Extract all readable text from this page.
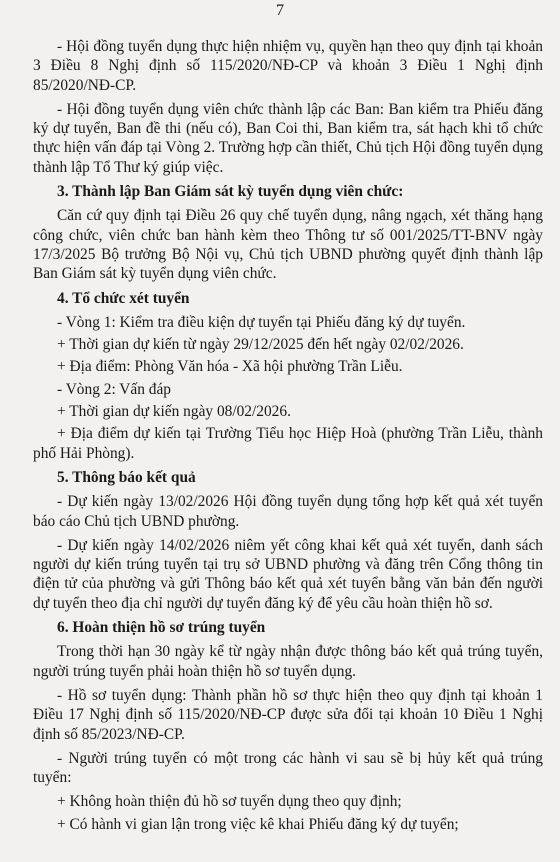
7

- Hội đồng tuyển dụng thực hiện nhiệm vụ, quyền hạn theo quy định tại khoản 3 Điều 8 Nghị định số 115/2020/NĐ-CP và khoản 3 Điều 1 Nghị định 85/2020/NĐ-CP.

- Hội đồng tuyển dụng viên chức thành lập các Ban: Ban kiểm tra Phiếu đăng ký dự tuyển, Ban đề thi (nếu có), Ban Coi thi, Ban kiểm tra, sát hạch khi tổ chức thực hiện vấn đáp tại Vòng 2. Trường hợp cần thiết, Chủ tịch Hội đồng tuyển dụng thành lập Tổ Thư ký giúp việc.

3. Thành lập Ban Giám sát kỳ tuyển dụng viên chức:

Căn cứ quy định tại Điều 26 quy chế tuyển dụng, nâng ngạch, xét thăng hạng công chức, viên chức ban hành kèm theo Thông tư số 001/2025/TT-BNV ngày 17/3/2025 Bộ trưởng Bộ Nội vụ, Chủ tịch UBND phường quyết định thành lập Ban Giám sát kỳ tuyển dụng viên chức.

4. Tổ chức xét tuyển

- Vòng 1: Kiểm tra điều kiện dự tuyển tại Phiếu đăng ký dự tuyển.

+ Thời gian dự kiến từ ngày 29/12/2025 đến hết ngày 02/02/2026.

+ Địa điểm: Phòng Văn hóa - Xã hội phường Trần Liễu.

- Vòng 2: Vấn đáp

+ Thời gian dự kiến ngày 08/02/2026.

+ Địa điểm dự kiến tại Trường Tiểu học Hiệp Hoà (phường Trần Liễu, thành phố Hải Phòng).

5. Thông báo kết quả

- Dự kiến ngày 13/02/2026 Hội đồng tuyển dụng tổng hợp kết quả xét tuyển báo cáo Chủ tịch UBND phường.

- Dự kiến ngày 14/02/2026 niêm yết công khai kết quả xét tuyển, danh sách người dự kiến trúng tuyển tại trụ sở UBND phường và đăng trên Cổng thông tin điện tử của phường và gửi Thông báo kết quả xét tuyển bằng văn bản đến người dự tuyển theo địa chỉ người dự tuyển đăng ký để yêu cầu hoàn thiện hồ sơ.

6. Hoàn thiện hồ sơ trúng tuyển

Trong thời hạn 30 ngày kể từ ngày nhận được thông báo kết quả trúng tuyển, người trúng tuyển phải hoàn thiện hồ sơ tuyển dụng.

- Hồ sơ tuyển dụng: Thành phần hồ sơ thực hiện theo quy định tại khoản 1 Điều 17 Nghị định số 115/2020/NĐ-CP được sửa đổi tại khoản 10 Điều 1 Nghị định số 85/2023/NĐ-CP.

- Người trúng tuyển có một trong các hành vi sau sẽ bị hủy kết quả trúng tuyển:

+ Không hoàn thiện đủ hồ sơ tuyển dụng theo quy định;

+ Có hành vi gian lận trong việc kê khai Phiếu đăng ký dự tuyển;
